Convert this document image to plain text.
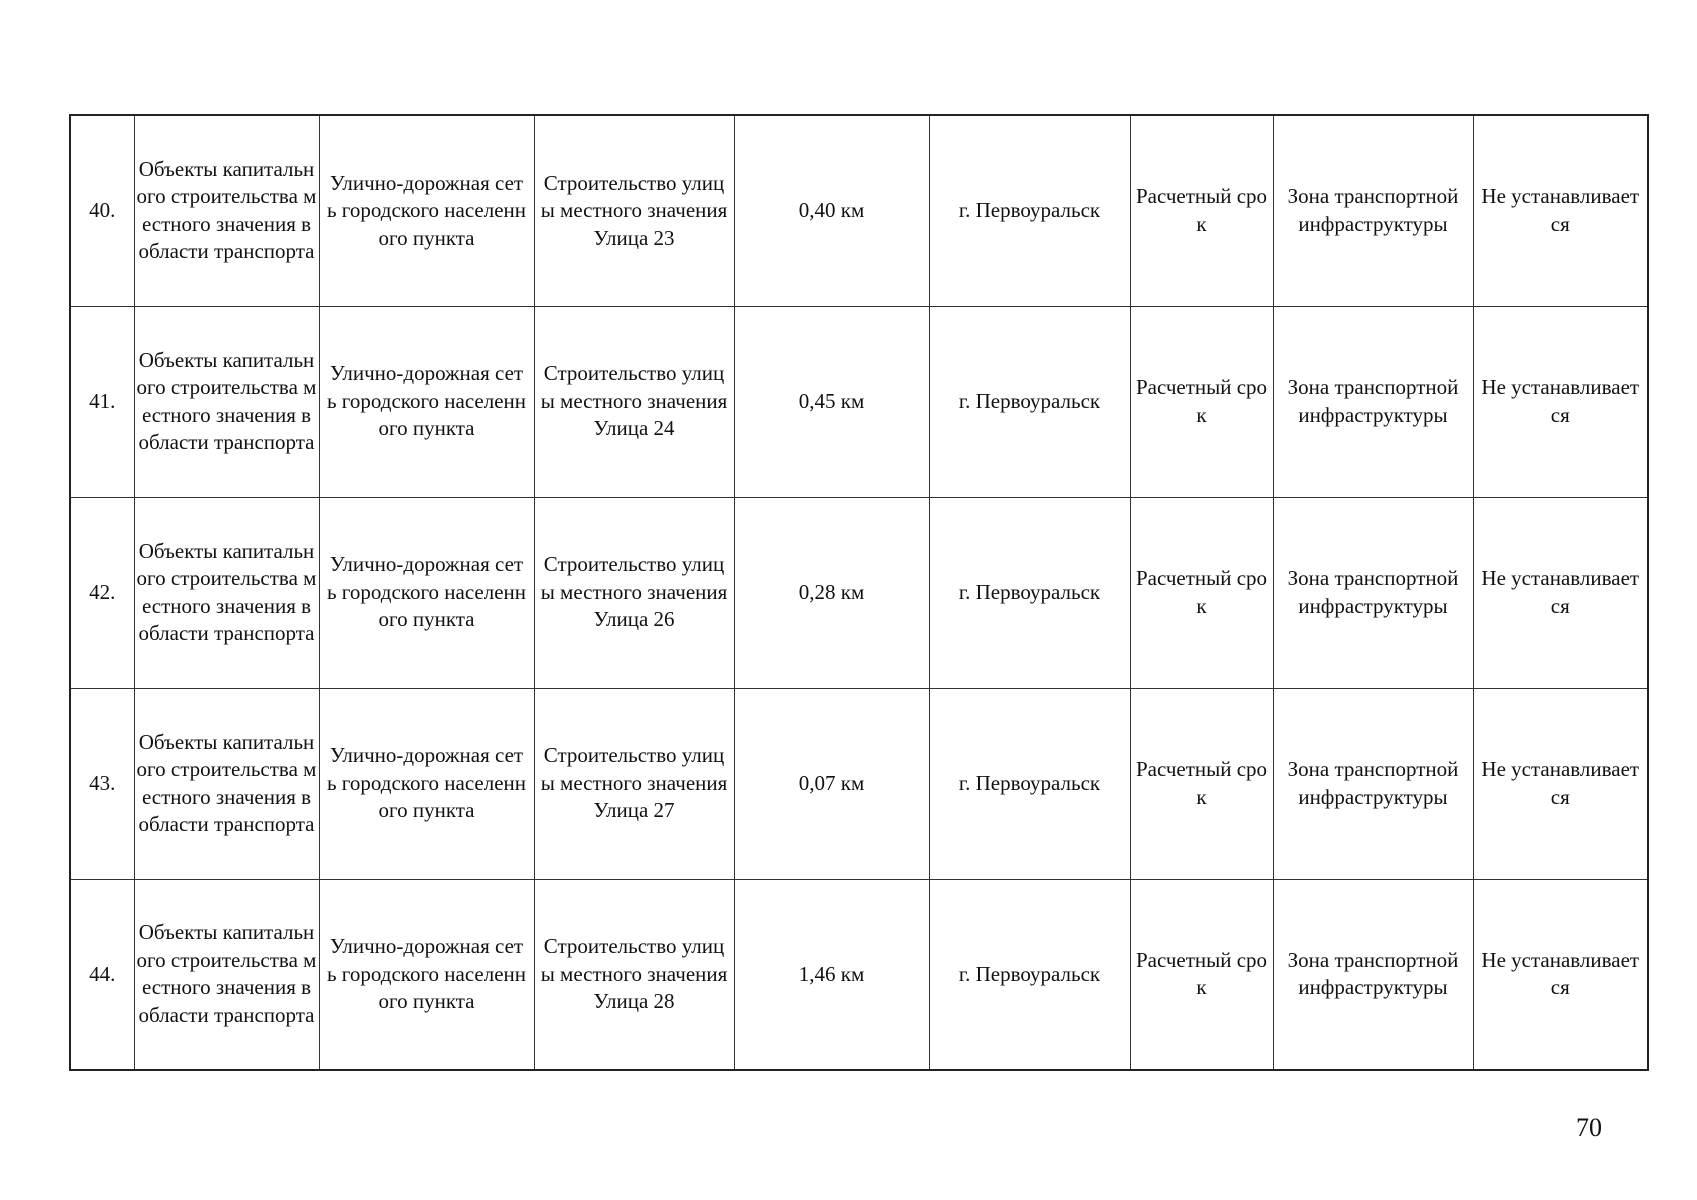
40.	Объекты капитального строительства местного значения в области транспорта	Улично-дорожная сеть городского населенного пункта	Строительство улицы местного значения Улица 23	0,40 км	г. Первоуральск	Расчетный срок	Зона транспортной инфраструктуры	Не устанавливается
41.	Объекты капитального строительства местного значения в области транспорта	Улично-дорожная сеть городского населенного пункта	Строительство улицы местного значения Улица 24	0,45 км	г. Первоуральск	Расчетный срок	Зона транспортной инфраструктуры	Не устанавливается
42.	Объекты капитального строительства местного значения в области транспорта	Улично-дорожная сеть городского населенного пункта	Строительство улицы местного значения Улица 26	0,28 км	г. Первоуральск	Расчетный срок	Зона транспортной инфраструктуры	Не устанавливается
43.	Объекты капитального строительства местного значения в области транспорта	Улично-дорожная сеть городского населенного пункта	Строительство улицы местного значения Улица 27	0,07 км	г. Первоуральск	Расчетный срок	Зона транспортной инфраструктуры	Не устанавливается
44.	Объекты капитального строительства местного значения в области транспорта	Улично-дорожная сеть городского населенного пункта	Строительство улицы местного значения Улица 28	1,46 км	г. Первоуральск	Расчетный срок	Зона транспортной инфраструктуры	Не устанавливается
70
